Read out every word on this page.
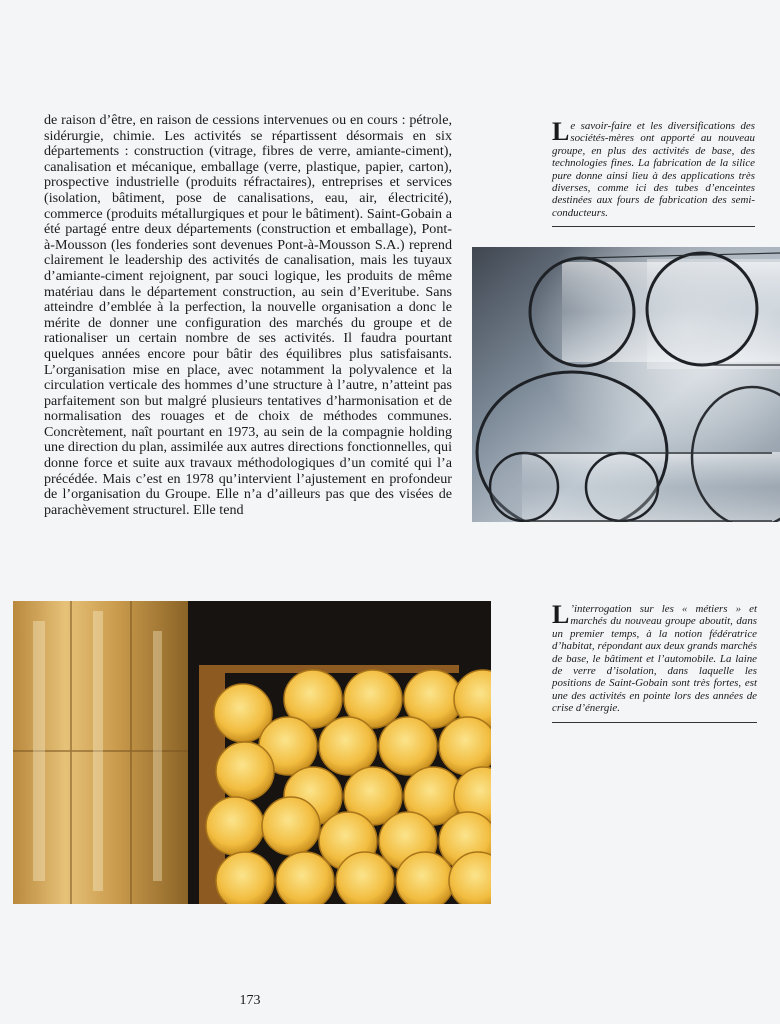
de raison d’être, en raison de cessions intervenues ou en cours : pétrole, sidérurgie, chimie. Les activités se répartissent désormais en six départements : construction (vitrage, fibres de verre, amiante-ciment), canalisation et mécanique, emballage (verre, plastique, papier, carton), prospective industrielle (produits réfractaires), entreprises et services (isolation, bâtiment, pose de canalisations, eau, air, électricité), commerce (produits métallurgiques et pour le bâtiment). Saint-Gobain a été partagé entre deux départements (construction et emballage), Pont-à-Mousson (les fonderies sont devenues Pont-à-Mousson S.A.) reprend clairement le leadership des activités de canalisation, mais les tuyaux d’amiante-ciment rejoignent, par souci logique, les produits de même matériau dans le département construction, au sein d’Everitube. Sans atteindre d’emblée à la perfection, la nouvelle organisation a donc le mérite de donner une configuration des marchés du groupe et de rationaliser un certain nombre de ses activités. Il faudra pourtant quelques années encore pour bâtir des équilibres plus satisfaisants. L’organisation mise en place, avec notamment la polyvalence et la circulation verticale des hommes d’une structure à l’autre, n’atteint pas parfaitement son but malgré plusieurs tentatives d’harmonisation et de normalisation des rouages et de choix de méthodes communes. Concrètement, naît pourtant en 1973, au sein de la compagnie holding une direction du plan, assimilée aux autres directions fonctionnelles, qui donne force et suite aux travaux méthodologiques d’un comité qui l’a précédée. Mais c’est en 1978 qu’intervient l’ajustement en profondeur de l’organisation du Groupe. Elle n’a d’ailleurs pas que des visées de parachèvement structurel. Elle tend

Le savoir-faire et les diversifications des sociétés-mères ont apporté au nouveau groupe, en plus des activités de base, des technologies fines. La fabrication de la silice pure donne ainsi lieu à des applications très diverses, comme ici des tubes d’enceintes destinées aux fours de fabrication des semi-conducteurs.
L ’interrogation sur les « métiers » et marchés du nouveau groupe aboutit, dans un premier temps, à la notion fédératrice d’habitat, répondant aux deux grands marchés de base, le bâtiment et l’automobile. La laine de verre d’isolation, dans laquelle les positions de Saint-Gobain sont très fortes, est une des activités en pointe lors des années de crise d’énergie.
173
